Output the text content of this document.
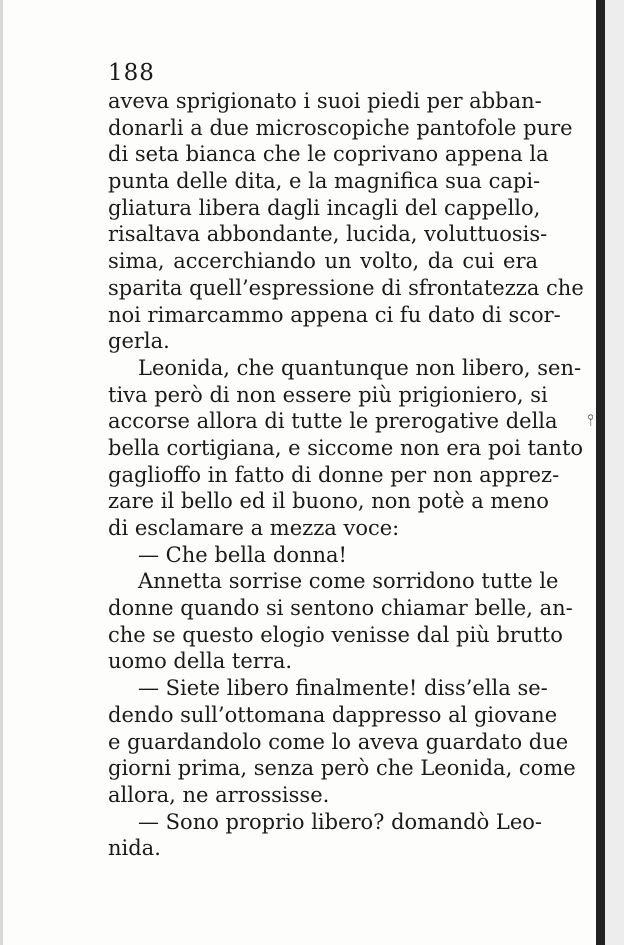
188
aveva sprigionato i suoi piedi per abban-
donarli a due microscopiche pantofole pure
di seta bianca che le coprivano appena la
punta delle dita, e la magnifica sua capi-
gliatura libera dagli incagli del cappello,
risaltava abbondante, lucida, voluttuosis-
sima, accerchiando un volto, da cui era
sparita quell’espressione di sfrontatezza che
noi rimarcammo appena ci fu dato di scor-
gerla.
Leonida, che quantunque non libero, sen-
tiva però di non essere più prigioniero, si
accorse allora di tutte le prerogative della
bella cortigiana, e siccome non era poi tanto
gaglioffo in fatto di donne per non apprez-
zare il bello ed il buono, non potè a meno
di esclamare a mezza voce:
— Che bella donna!
Annetta sorrise come sorridono tutte le
donne quando si sentono chiamar belle, an-
che se questo elogio venisse dal più brutto
uomo della terra.
— Siete libero finalmente! diss’ella se-
dendo sull’ottomana dappresso al giovane
e guardandolo come lo aveva guardato due
giorni prima, senza però che Leonida, come
allora, ne arrossisse.
— Sono proprio libero? domandò Leo-
nida.
⫯
